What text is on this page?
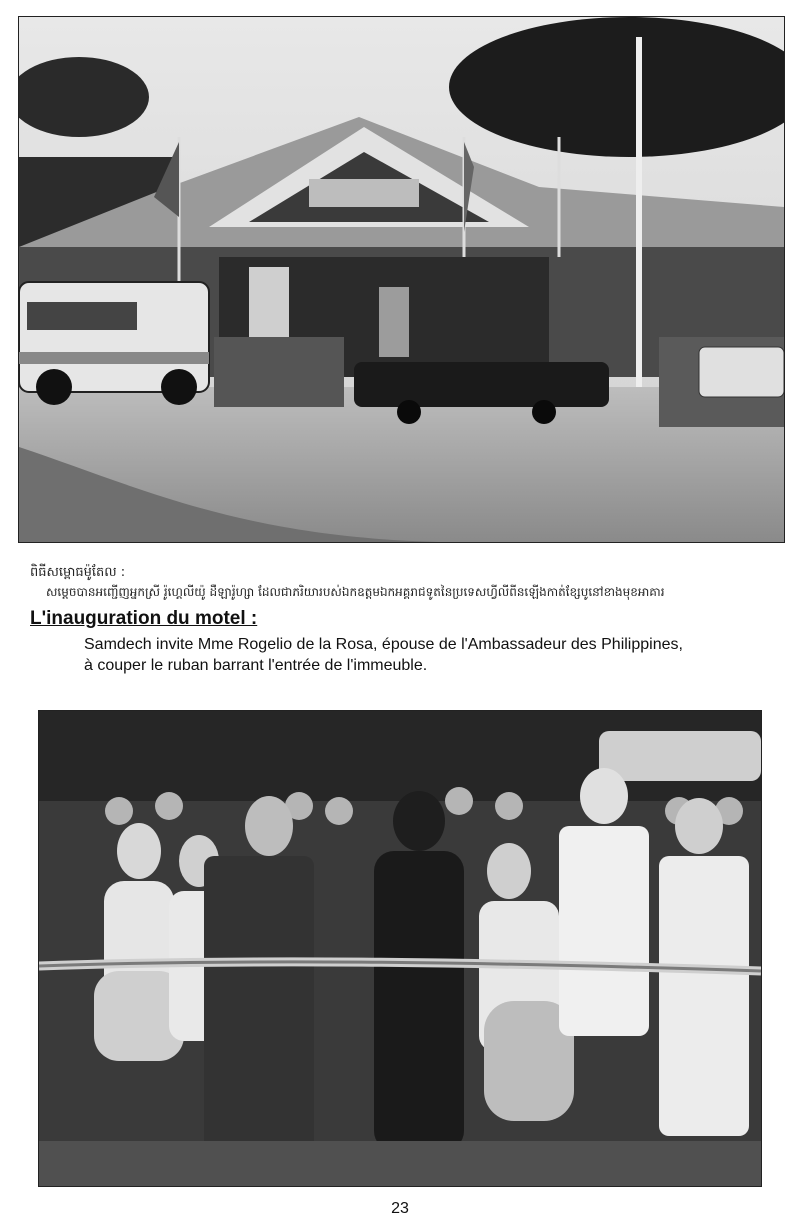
ពិធីសម្ពោធម៉ូតែល :
សម្តេចបានអញ្ជើញអ្នកស្រី រ៉ូហ្គេលីយ៉ូ ដឺឡារ៉ូហ្សា ដែលជាភរិយារបស់ឯកឧត្តមឯកអគ្គរាជទូតនៃប្រទេសហ្វីលីពីនឡើងកាត់ខ្សែបូនៅខាងមុខអាគារ
L'inauguration du motel :
Samdech invite Mme Rogelio de la Rosa, épouse de l'Ambassadeur des Philippines,
à couper le ruban barrant l'entrée de l'immeuble.
23
